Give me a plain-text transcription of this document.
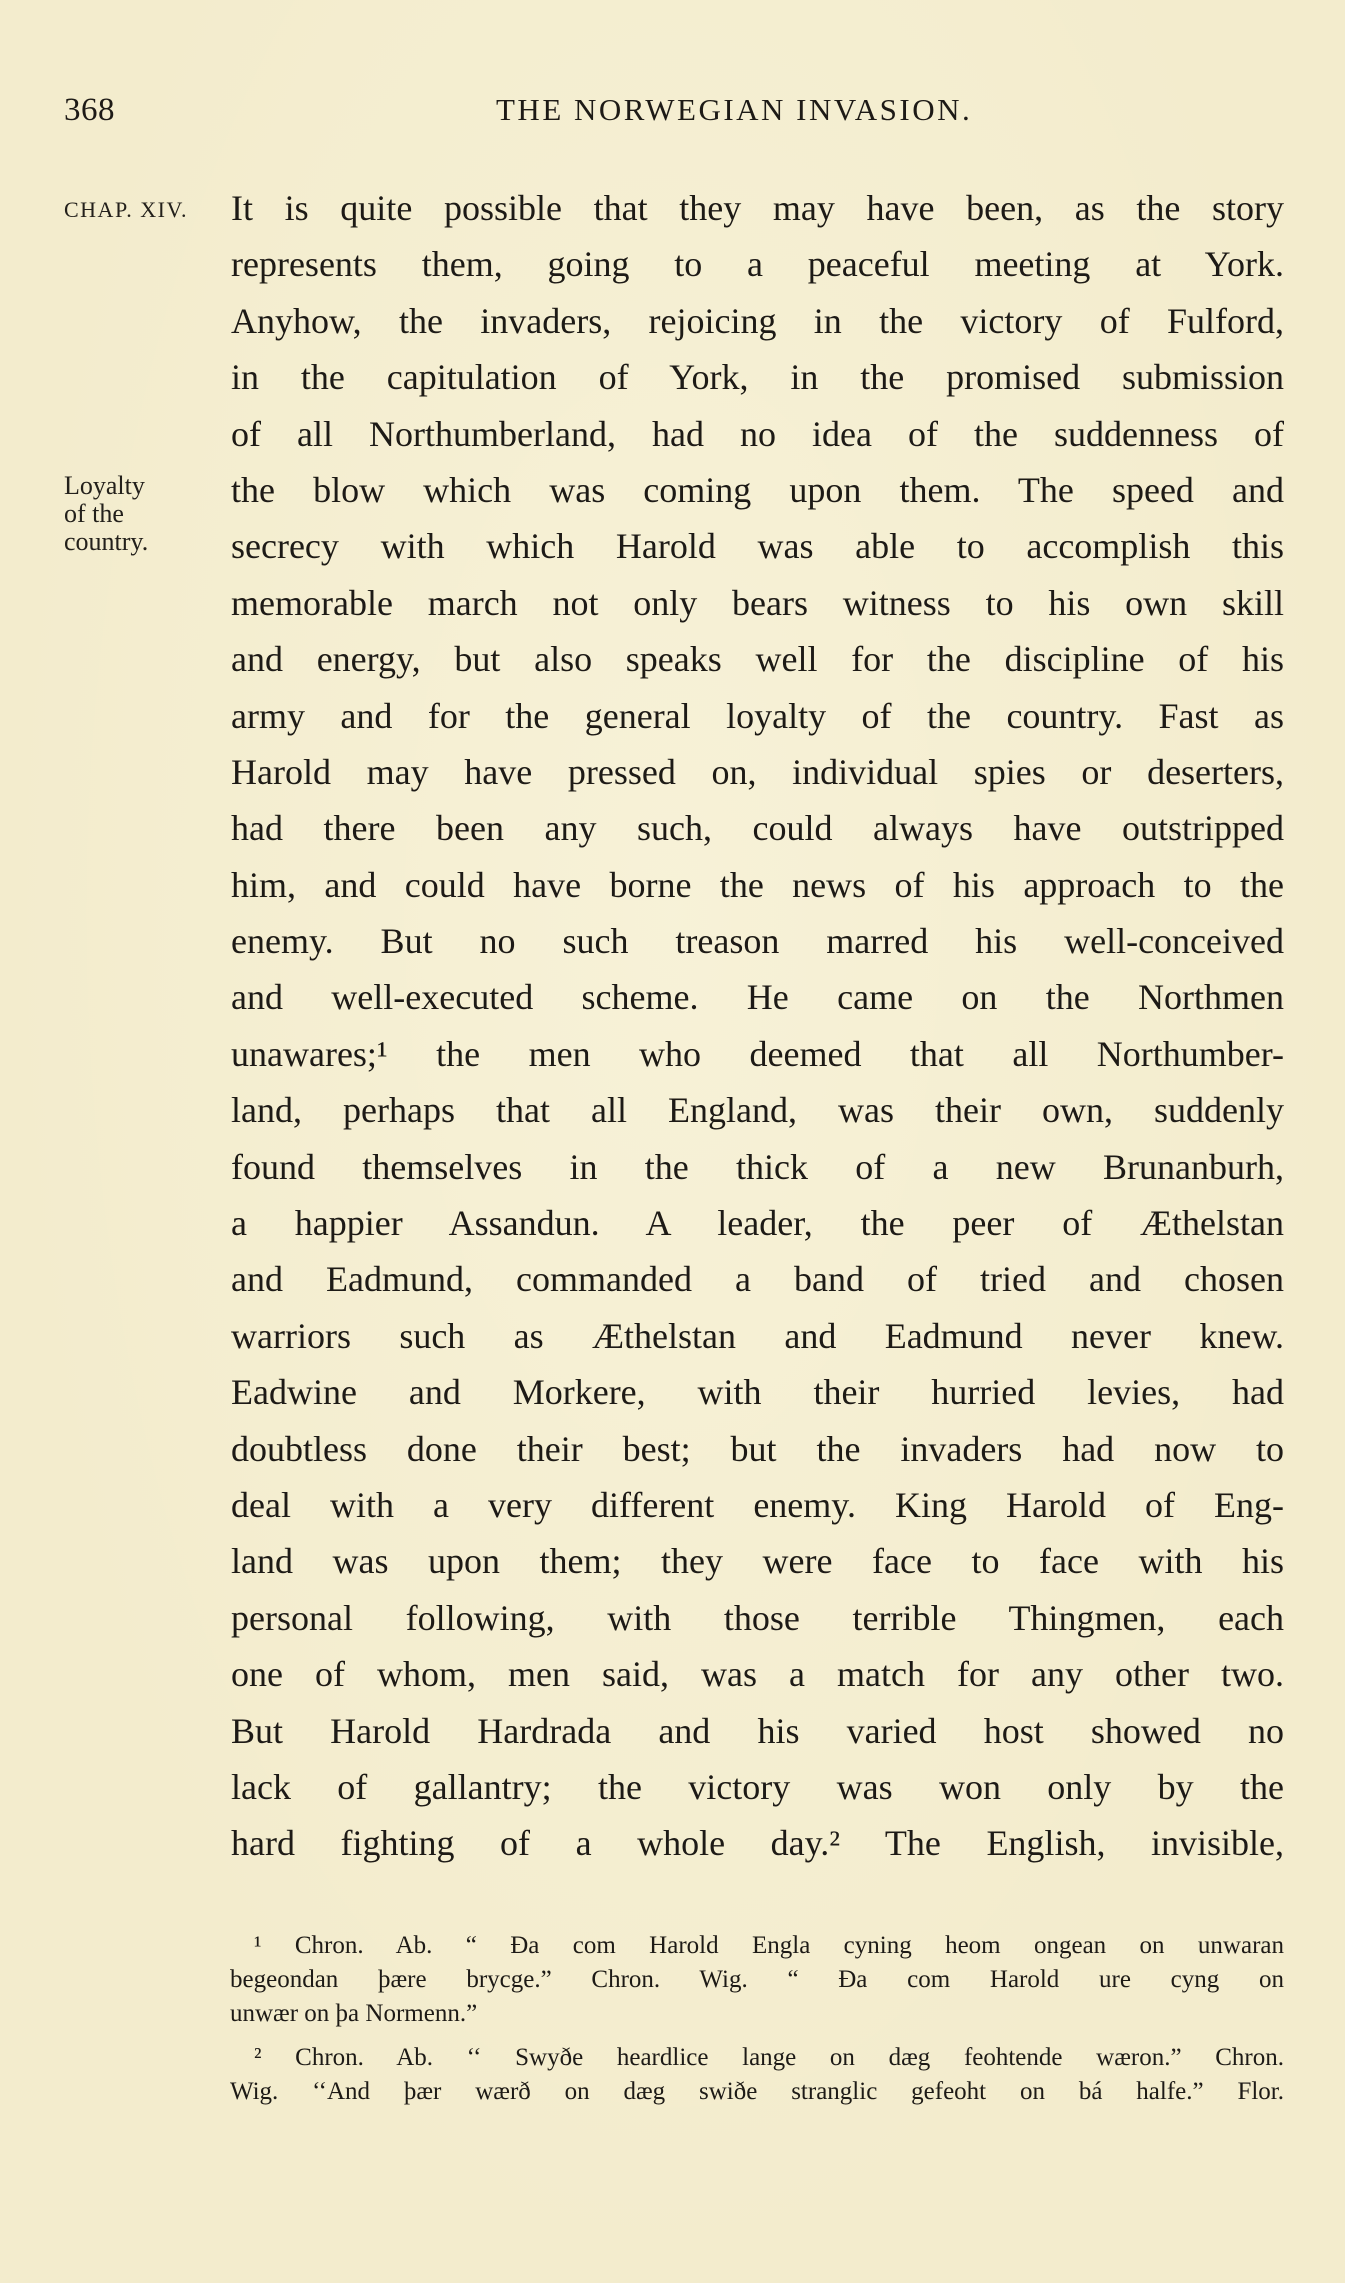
368	THE NORWEGIAN INVASION.
CHAP. XIV.
Loyalty
of the
country.
It is quite possible that they may have been, as the story
represents them, going to a peaceful meeting at York.
Anyhow, the invaders, rejoicing in the victory of Fulford,
in the capitulation of York, in the promised submission
of all Northumberland, had no idea of the suddenness of
the blow which was coming upon them. The speed and
secrecy with which Harold was able to accomplish this
memorable march not only bears witness to his own skill
and energy, but also speaks well for the discipline of his
army and for the general loyalty of the country. Fast as
Harold may have pressed on, individual spies or deserters,
had there been any such, could always have outstripped
him, and could have borne the news of his approach to the
enemy. But no such treason marred his well-conceived
and well-executed scheme. He came on the Northmen
unawares;¹ the men who deemed that all Northumber-
land, perhaps that all England, was their own, suddenly
found themselves in the thick of a new Brunanburh,
a happier Assandun. A leader, the peer of Æthelstan
and Eadmund, commanded a band of tried and chosen
warriors such as Æthelstan and Eadmund never knew.
Eadwine and Morkere, with their hurried levies, had
doubtless done their best; but the invaders had now to
deal with a very different enemy. King Harold of Eng-
land was upon them; they were face to face with his
personal following, with those terrible Thingmen, each
one of whom, men said, was a match for any other two.
But Harold Hardrada and his varied host showed no
lack of gallantry; the victory was won only by the
hard fighting of a whole day.² The English, invisible,
¹ Chron. Ab. “ Ða com Harold Engla cyning heom ongean on unwaran
begeondan þære brycge.” Chron. Wig. “ Ða com Harold ure cyng on
unwær on þa Normenn.”
² Chron. Ab. ‘‘ Swyðe heardlice lange on dæg feohtende wæron.” Chron.
Wig. ‘‘And þær wærð on dæg swiðe stranglic gefeoht on bá halfe.” Flor.
